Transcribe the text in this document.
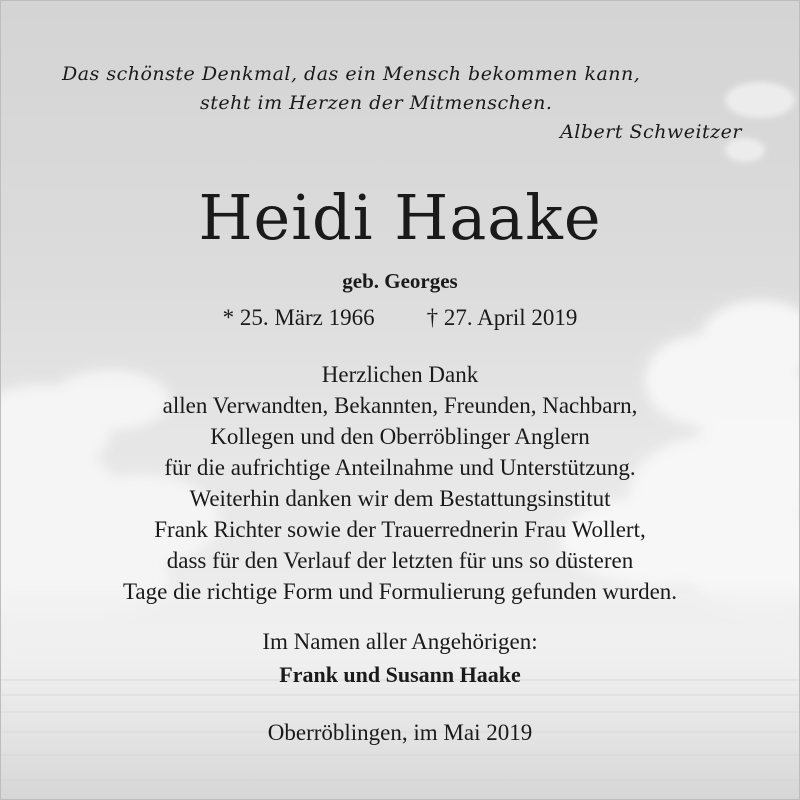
Das schönste Denkmal, das ein Mensch bekommen kann,
steht im Herzen der Mitmenschen.
Albert Schweitzer
Heidi Haake
geb. Georges
* 25. März 1966 † 27. April 2019
Herzlichen Dank
allen Verwandten, Bekannten, Freunden, Nachbarn,
Kollegen und den Oberröblinger Anglern
für die aufrichtige Anteilnahme und Unterstützung.
Weiterhin danken wir dem Bestattungsinstitut
Frank Richter sowie der Trauerrednerin Frau Wollert,
dass für den Verlauf der letzten für uns so düsteren
Tage die richtige Form und Formulierung gefunden wurden.
Im Namen aller Angehörigen:
Frank und Susann Haake
Oberröblingen, im Mai 2019
